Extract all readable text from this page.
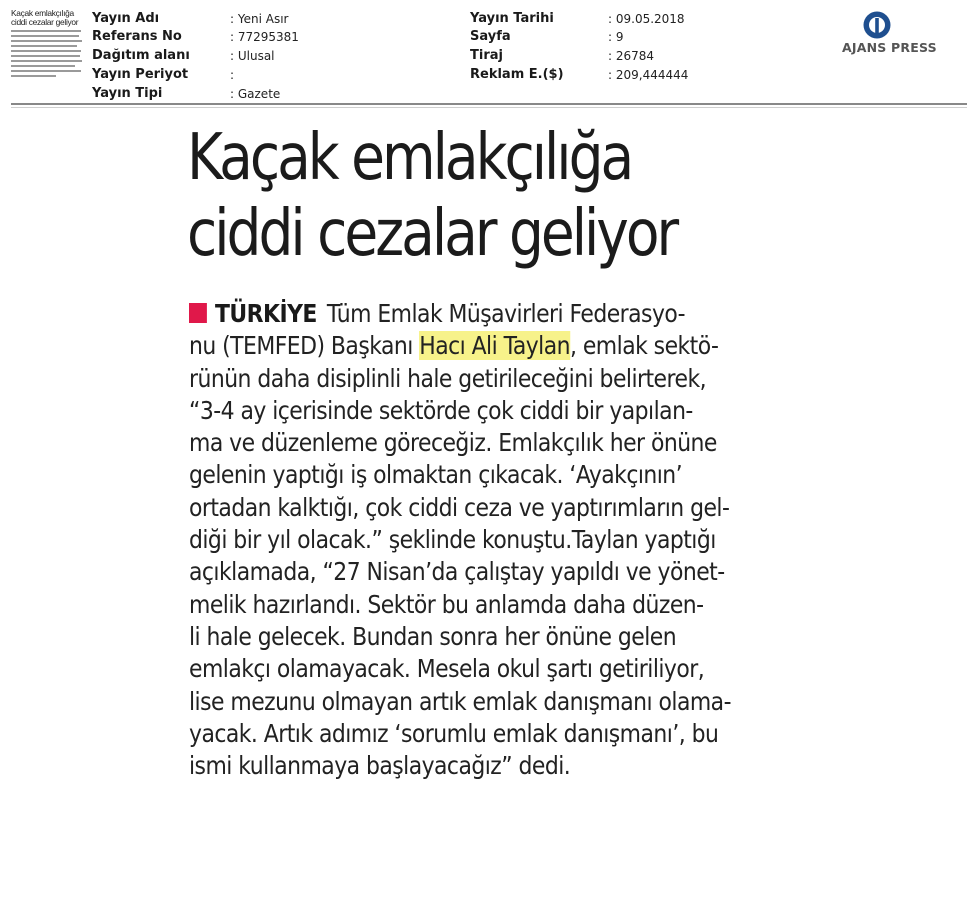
Kaçak emlakçılığa
ciddi cezalar geliyor	Yayın Adı	: Yeni Asır
Referans No	: 77295381
Dağıtım alanı	: Ulusal
Yayın Periyot	:
Yayın Tipi	: Gazete
Yayın Tarihi	: 09.05.2018
Sayfa	: 9
Tiraj	: 26784
Reklam E.($)	: 209,444444
AJANS PRESS
Kaçak emlakçılığa
ciddi cezalar geliyor
TÜRKİYE Tüm Emlak Müşavirleri Federasyo-
nu (TEMFED) Başkanı Hacı Ali Taylan, emlak sektö-
rünün daha disiplinli hale getirileceğini belirterek,
“3-4 ay içerisinde sektörde çok ciddi bir yapılan-
ma ve düzenleme göreceğiz. Emlakçılık her önüne
gelenin yaptığı iş olmaktan çıkacak. ‘Ayakçının’
ortadan kalktığı, çok ciddi ceza ve yaptırımların gel-
diği bir yıl olacak.” şeklinde konuştu.Taylan yaptığı
açıklamada, “27 Nisan’da çalıştay yapıldı ve yönet-
melik hazırlandı. Sektör bu anlamda daha düzen-
li hale gelecek. Bundan sonra her önüne gelen
emlakçı olamayacak. Mesela okul şartı getiriliyor,
lise mezunu olmayan artık emlak danışmanı olama-
yacak. Artık adımız ‘sorumlu emlak danışmanı’, bu
ismi kullanmaya başlayacağız” dedi.
